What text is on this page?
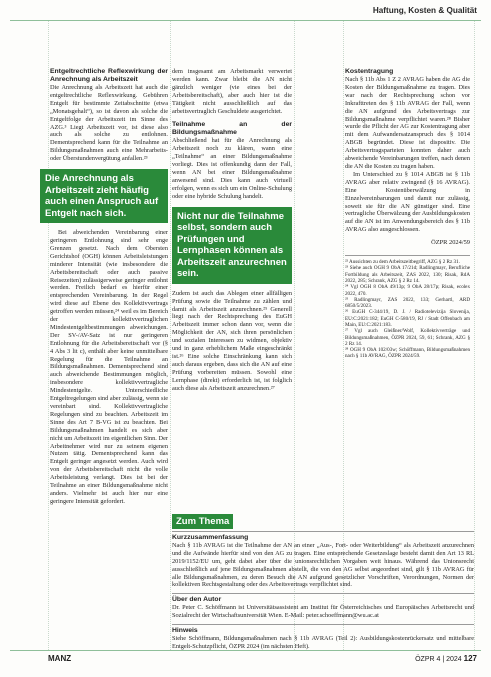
Haftung, Kosten & Qualität

Entgeltrechtliche Reflexwirkung der Anrechnung als Arbeitszeit

Die Anrechnung als Arbeitszeit hat auch die entgeltrechtliche Reflexwirkung. Gebühren Entgelt für bestimmte Zeitabschnitte (etwa „Monatsgehalt“), so ist davon als solche die Entgeltfolge der Arbeitszeit im Sinne des AZG.³ Liegt Arbeitszeit vor, ist diese also auch als solche zu entlohnen. Dementsprechend kann für die Teilnahme an Bildungsmaßnahmen auch eine Mehrarbeits- oder Überstundenvergütung anfallen.²³

Die Anrechnung als Arbeitszeit zieht häufig auch einen Anspruch auf Entgelt nach sich.

Bei abweichenden Vereinbarung einer geringeren Entlohnung sind sehr enge Grenzen gesetzt. Nach dem Obersten Gerichtshof (OGH) können Arbeitsleistungen minderer Intensität (wie insbesondere die Arbeitsbereitschaft oder auch passive Reisezeiten) zulässigerweise geringer entlohnt werden. Freilich bedarf es hierfür einer entsprechenden Vereinbarung. In der Regel wird diese auf Ebene des Kollektivvertrags getroffen werden müssen,²⁴ weil es im Bereich der kollektivvertraglichen Mindestentgeltbestimmungen abweichungen. Der SV-/AV-Satz ist nur geringeren Entlohnung für die Arbeitsbereitschaft vor (§ 4 Abs 3 lit c), enthält aber keine unmittelbare Regelung für die Teilnahme an Bildungsmaßnahmen. Dementsprechend sind auch abweichende Bestimmungen möglich, insbesondere kollektivvertragliche Mindestentgelte. Unterschiedliche Entgeltregelungen sind aber zulässig, wenn sie vereinbart sind. Kollektivvertragliche Regelungen sind zu beachten. Arbeitszeit im Sinne des Art 7 B-VG ist zu beachten. Bei Bildungsmaßnahmen handelt es sich aber nicht um Arbeitszeit im eigentlichen Sinn. Der Arbeitnehmer wird nur zu seinem eigenen Nutzen tätig. Dementsprechend kann das Entgelt geringer angesetzt werden. Auch wird von der Arbeitsbereitschaft nicht die volle Arbeitsleistung verlangt. Dies ist bei der Teilnahme an einer Bildungsmaßnahme nicht anders. Vielmehr ist auch hier nur eine geringere Intensität gefordert.

dem insgesamt am Arbeitsmarkt verwertet werden kann. Zwar bleibt die AN nicht gänzlich weniger (vie eines bei der Arbeitsbereitschaft), aber auch hier ist die Tätigkeit nicht ausschließlich auf das arbeitsvertraglich Geschuldete ausgerichtet.

Teilnahme an der Bildungsmaßnahme

Abschließend hat für die Anrechnung als Arbeitszeit noch zu klären, wann eine „Teilnahme“ an einer Bildungsmaßnahme vorliegt. Dies ist offenkundig dann der Fall, wenn AN bei einer Bildungsmaßnahme anwesend sind. Dies kann auch virtuell erfolgen, wenn es sich um ein Online-Schulung oder eine hybride Schulung handelt.

Nicht nur die Teilnahme selbst, sondern auch Prüfungen und Lernphasen können als Arbeitszeit anzurechnen sein.

Zudem ist auch das Ablegen einer allfälligen Prüfung sowie die Teilnahme zu zählen und damit als Arbeitszeit anzurechnen.²⁵ Generell liegt nach der Rechtsprechung des EuGH Arbeitszeit immer schon dann vor, wenn die Möglichkeit der AN, sich ihren persönlichen und sozialen Interessen zu widmen, objektiv und in ganz erheblichem Maße eingeschränkt ist.²⁶ Eine solche Einschränkung kann sich auch daraus ergeben, dass sich die AN auf eine Prüfung vorbereiten müssen. Sowohl eine Lernphase (direkt) erforderlich ist, ist folglich auch diese als Arbeitszeit anzurechnen.²⁷

Kostentragung

Nach § 11b Abs 1 Z 2 AVRAG haben die AG die Kosten der Bildungsmaßnahme zu tragen. Dies war nach der Rechtsprechung schon vor Inkrafttreten des § 11b AVRAG der Fall, wenn die AN aufgrund des Arbeitsvertrags zur Bildungsmaßnahme verpflichtet waren.²⁸ Bisher wurde die Pflicht der AG zur Kostentragung aber mit dem Aufwandersatzanspruch des § 1014 ABGB begründet. Diese ist dispositiv. Die Arbeitsvertragsparteien konnten daher auch abweichende Vereinbarungen treffen, nach denen die AN die Kosten zu tragen haben.

Im Unterschied zu § 1014 ABGB ist § 11b AVRAG aber relativ zwingend (§ 16 AVRAG). Eine Kostenüberwälzung in Einzelvereinbarungen und damit nur zulässig, soweit sie für die AN günstiger sind. Eine vertragliche Überwälzung der Ausbildungskosten auf die AN ist im Anwendungsbereich des § 11b AVRAG also ausgeschlossen.

ÖZPR 2024/59

²² Aussichten zu dem Arbeitszeitbegriff, AZG § 2 Rz 31.

²³ Siehe auch OGH 9 ObA 17/21d; Radlingmayr, Berufliche Fortbildung als Arbeitszeit, ZAS 2022, 130; Risak, RdA 2022, 285; Schrank, AZG § 2 Rz 14.

²⁴ Vgl OGH 8 ObA 49/13p; 9 ObA 28/17p; Risak, ecolex 2022, 470.

²⁵ Radlingmayr, ZAS 2022, 133; Gerhartl, ARD 6850/5/2023.

²⁶ EuGH C-344/19, D. J. / Radiotelevizija Slovenija, EU:C:2021:182; EuGH C-580/19, RJ / Stadt Offenbach am Main, EU:C:2021:183.

²⁷ Vgl auch Gleißner/Wolf, Kollektivverträge und Bildungsmaßnahmen, ÖZPR 2024, 59, 61; Schrank, AZG § 2 Rz 14.

²⁸ OGH 9 ObA 102/03w; Schöffmann, Bildungsmaßnahmen nach § 11b AVRAG, ÖZPR 2024/59.

Zum Thema
Kurzzusammenfassung

Nach § 11b AVRAG ist die Teilnahme der AN an einer „Aus-, Fort- oder Weiterbildung“ als Arbeitszeit anzurechnen und die Aufwände hierfür sind von den AG zu tragen. Eine entsprechende Gesetzeslage besteht damit den Art 13 RL 2019/1152/EU um, geht dabei aber über die unionsrechtlichen Vorgaben weit hinaus. Während das Unionsrecht ausschließlich auf jene Bildungsmaßnahmen abstellt, die von den AG selbst angeordnet sind, gilt § 11b AVRAG für alle Bildungsmaßnahmen, zu deren Besuch die AN aufgrund gesetzlicher Vorschriften, Verordnungen, Normen der kollektiven Rechtsgestaltung oder des Arbeitsvertrags verpflichtet sind.

Über den Autor

Dr. Peter C. Schöffmann ist Universitätsassistent am Institut für Österreichisches und Europäisches Arbeitsrecht und Sozialrecht der Wirtschaftsuniversität Wien. E-Mail: peter.schoeffmann@wu.ac.at

Hinweis

Siehe Schöffmann, Bildungsmaßnahmen nach § 11b AVRAG (Teil 2): Ausbildungskostenrückersatz und mittelbare Entgelt-Schutzpflicht, ÖZPR 2024 (im nächsten Heft).

MANZ	ÖZPR 4 | 2024 127
